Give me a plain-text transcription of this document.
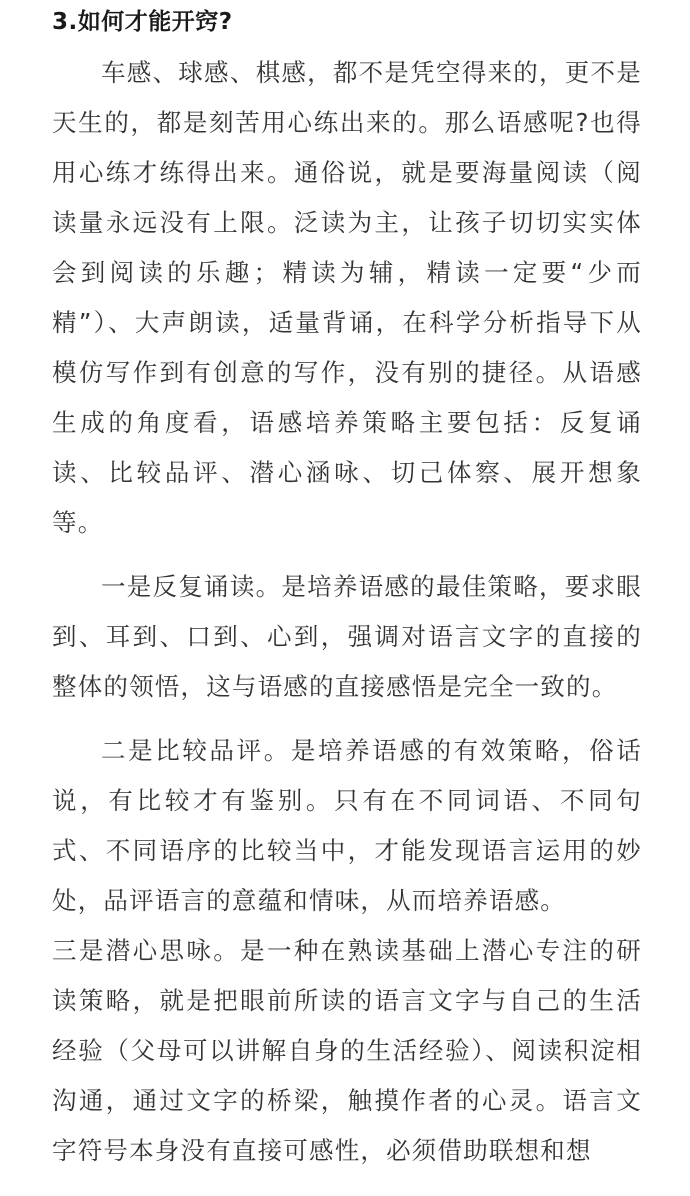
3.如何才能开窍?

车感、球感、棋感，都不是凭空得来的，更不是天生的，都是刻苦用心练出来的。那么语感呢?也得用心练才练得出来。通俗说，就是要海量阅读（阅读量永远没有上限。泛读为主，让孩子切切实实体会到阅读的乐趣；精读为辅，精读一定要“少而精”）、大声朗读，适量背诵，在科学分析指导下从模仿写作到有创意的写作，没有别的捷径。从语感生成的角度看，语感培养策略主要包括：反复诵读、比较品评、潜心涵咏、切己体察、展开想象等。

一是反复诵读。是培养语感的最佳策略，要求眼到、耳到、口到、心到，强调对语言文字的直接的整体的领悟，这与语感的直接感悟是完全一致的。

二是比较品评。是培养语感的有效策略，俗话说，有比较才有鉴别。只有在不同词语、不同句式、不同语序的比较当中，才能发现语言运用的妙处，品评语言的意蕴和情味，从而培养语感。

三是潜心思咏。是一种在熟读基础上潜心专注的研读策略，就是把眼前所读的语言文字与自己的生活经验（父母可以讲解自身的生活经验）、阅读积淀相沟通，通过文字的桥梁，触摸作者的心灵。语言文字符号本身没有直接可感性，必须借助联想和想
